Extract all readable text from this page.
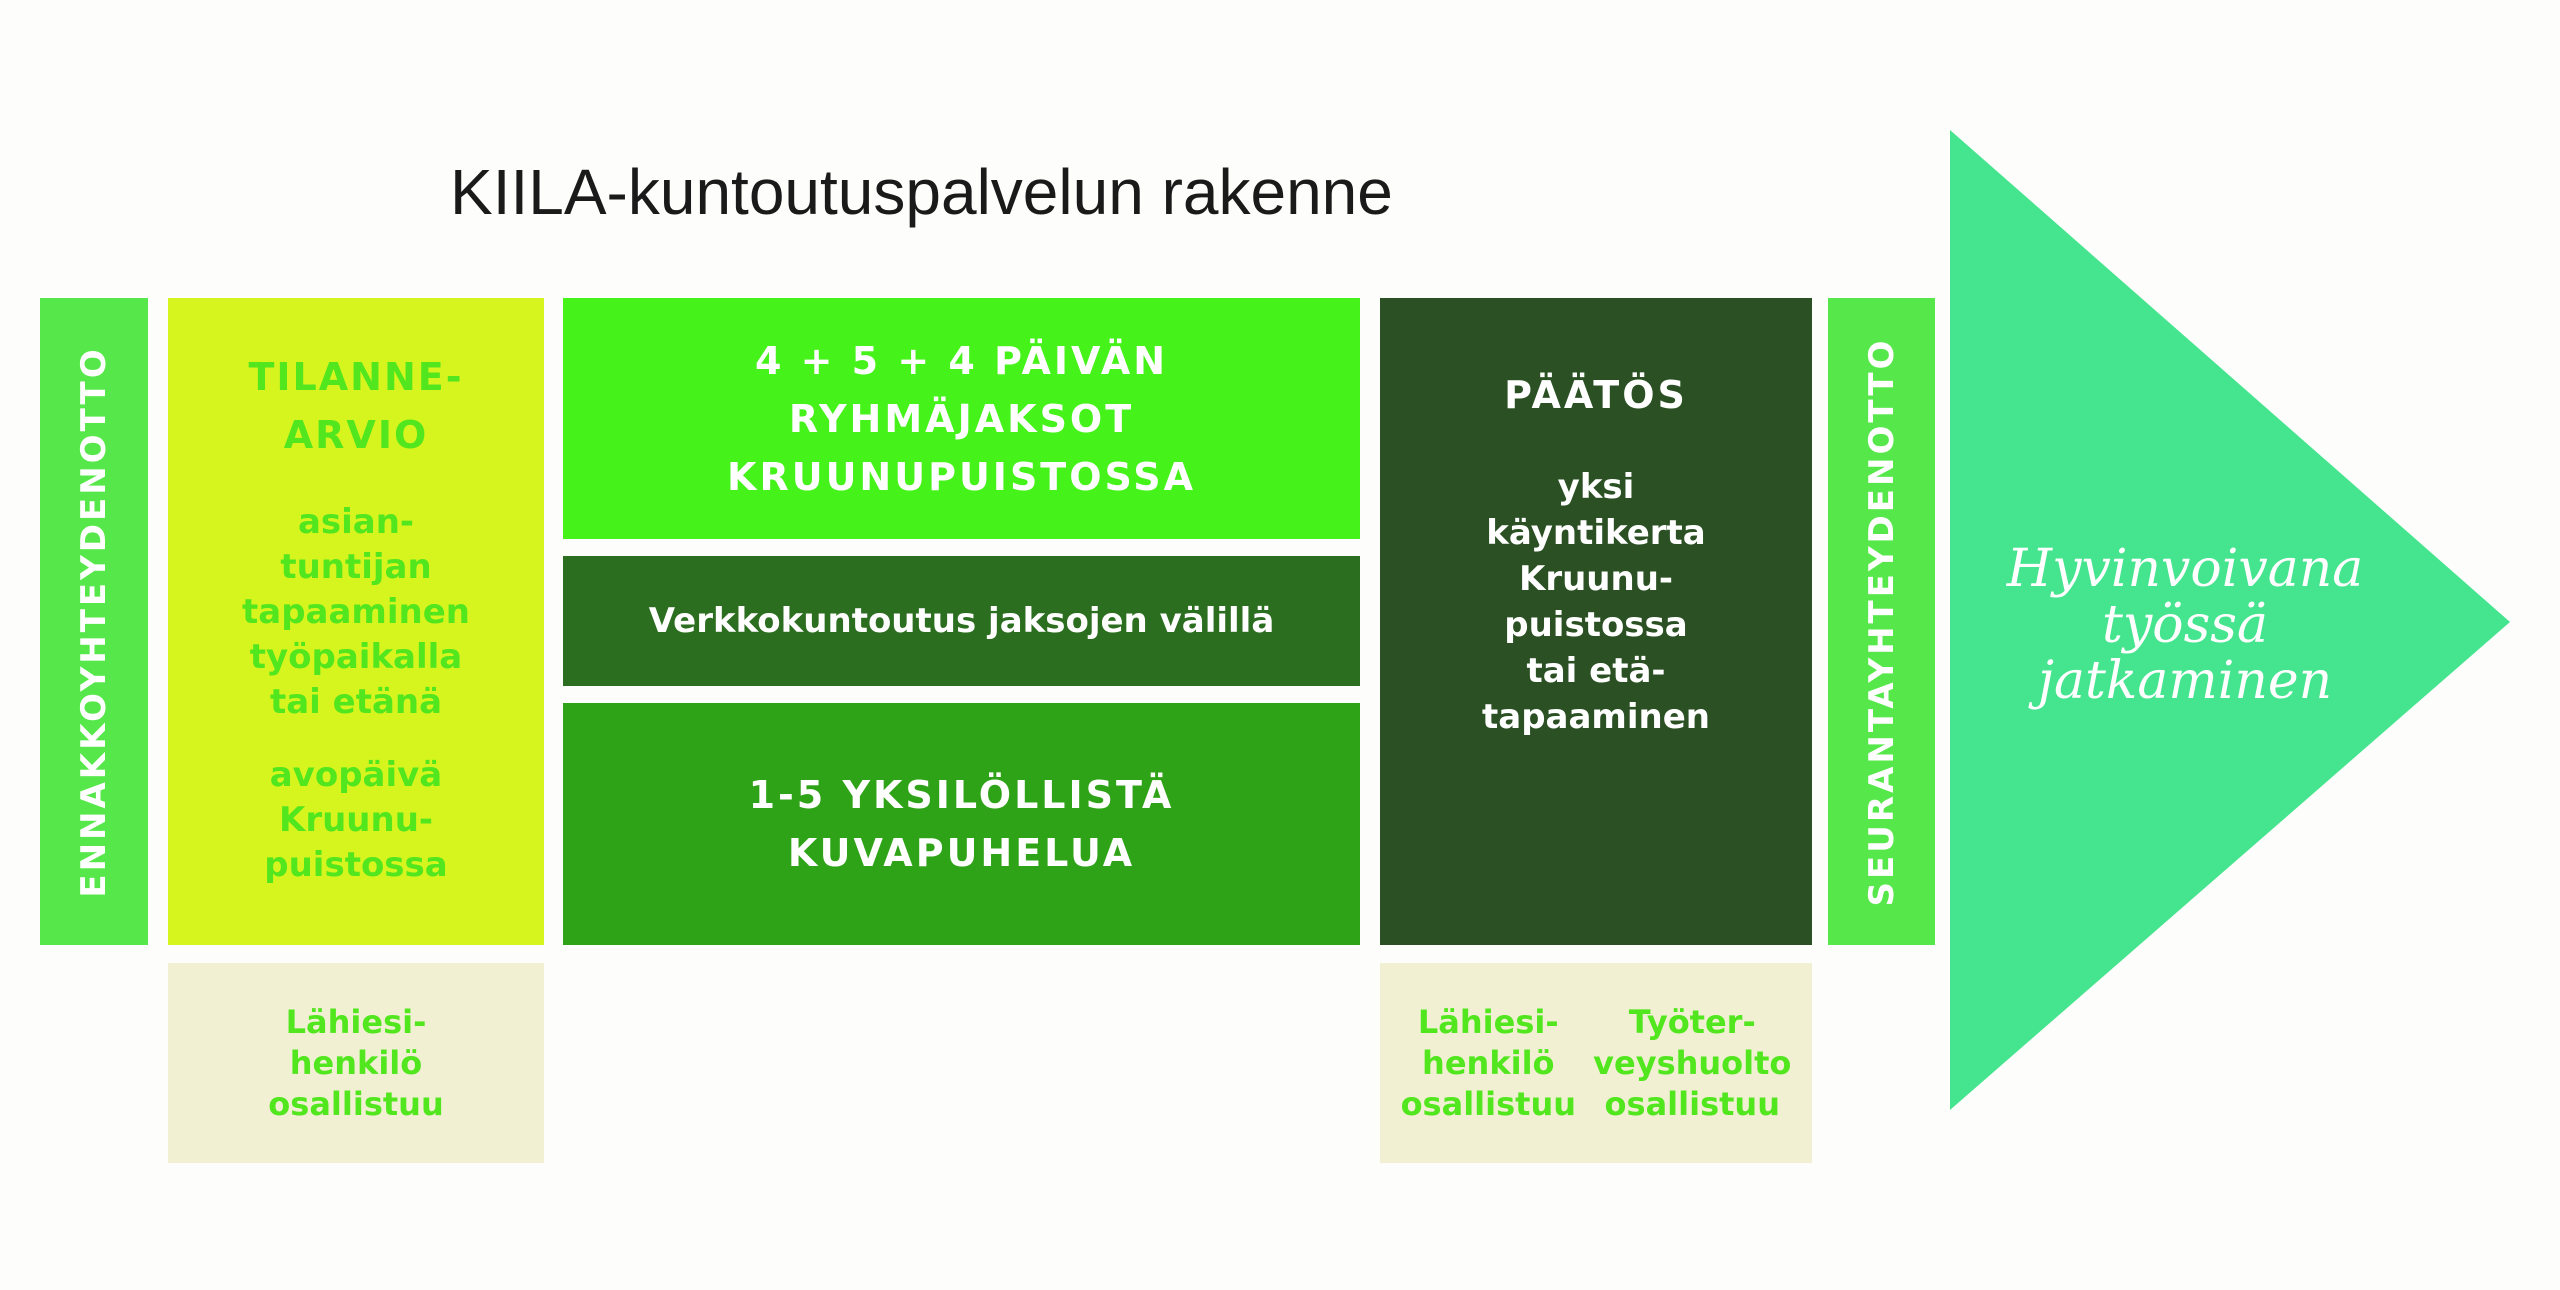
KIILA-kuntoutuspalvelun rakenne
Hyvinvoivana
työssä
jatkaminen
ENNAKKOYHTEYDENOTTO	TILANNE-
ARVIO
asian-
tuntijan
tapaaminen
työpaikalla
tai etänä
avopäivä
Kruunu-
puistossa
4 + 5 + 4 PÄIVÄN
RYHMÄJAKSOT
KRUUNUPUISTOSSA
Verkkokuntoutus jaksojen välillä
1-5 YKSILÖLLISTÄ
KUVAPUHELUA
PÄÄTÖS
yksi
käyntikerta
Kruunu-
puistossa
tai etä-
tapaaminen	SEURANTAYHTEYDENOTTO
Lähiesi-
henkilö
osallistuu
Lähiesi-
henkilö
osallistuu
Työter-
veyshuolto
osallistuu
